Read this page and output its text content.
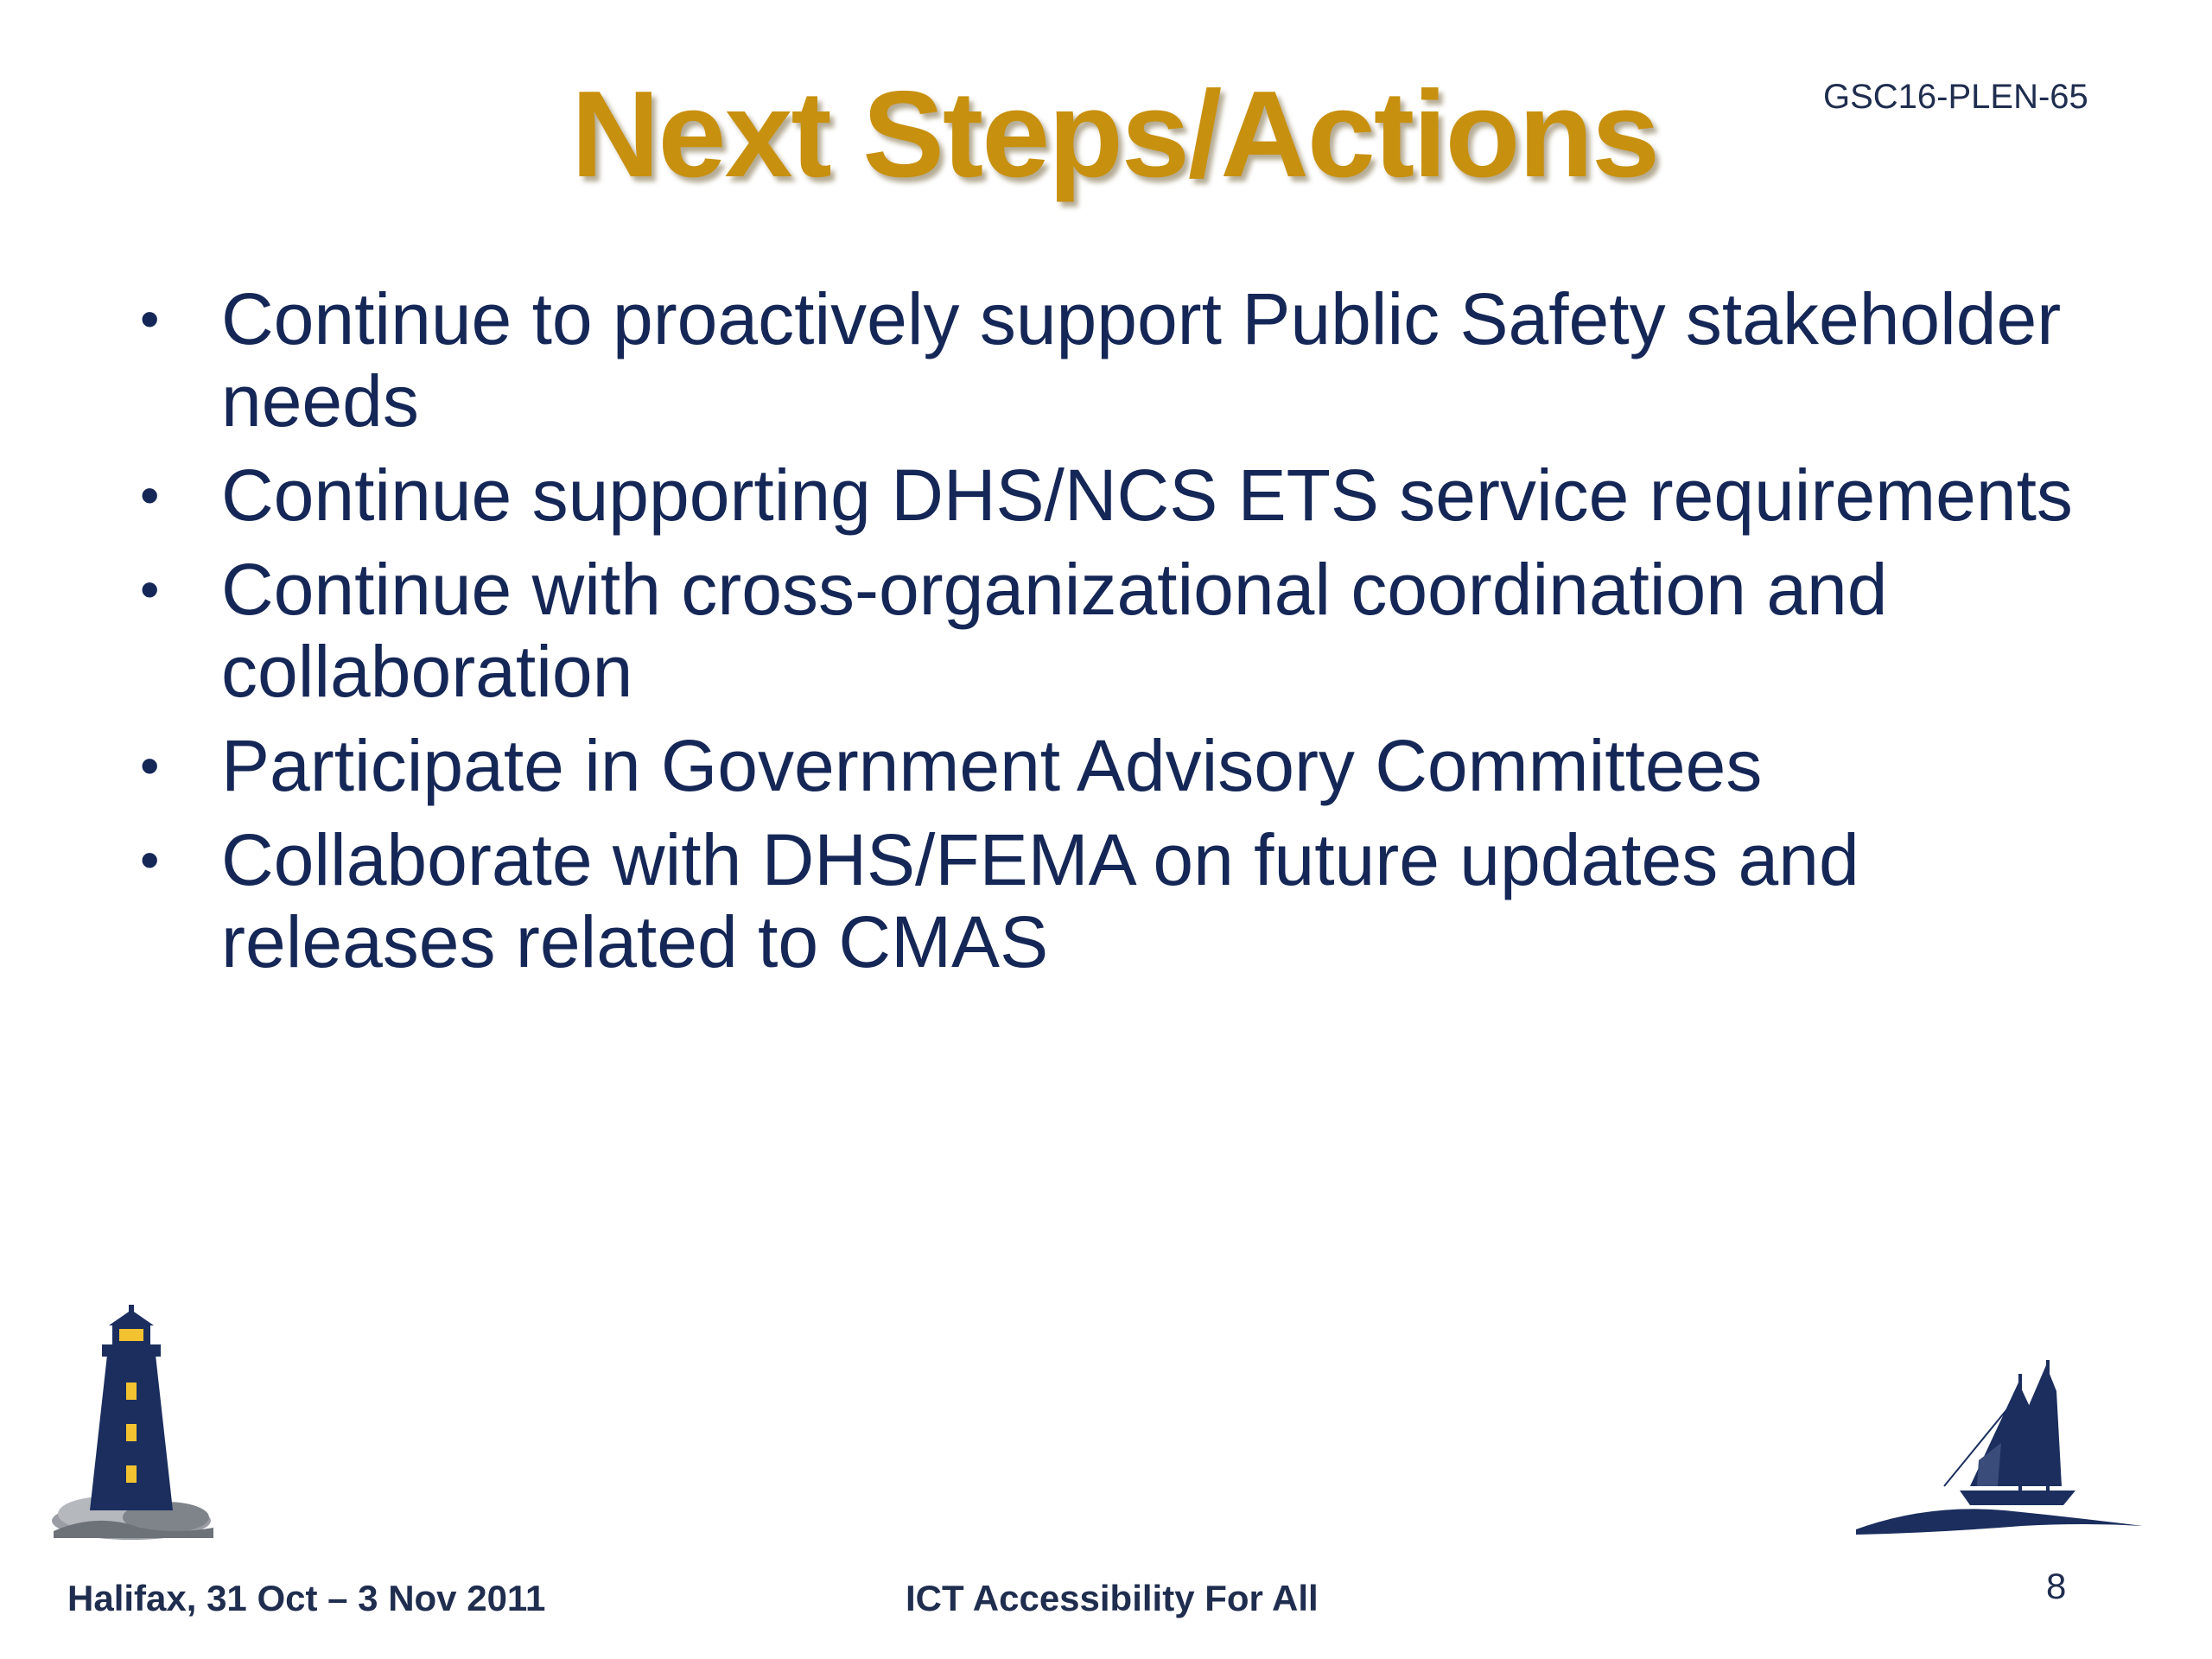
GSC16-PLEN-65
Next Steps/Actions
• Continue to proactively support Public Safety stakeholder needs
• Continue supporting DHS/NCS ETS service requirements
• Continue with cross-organizational coordination and collaboration
• Participate in Government Advisory Committees
• Collaborate with DHS/FEMA on future updates and releases related to CMAS
Halifax, 31 Oct – 3 Nov 2011	ICT Accessibility For All	8
